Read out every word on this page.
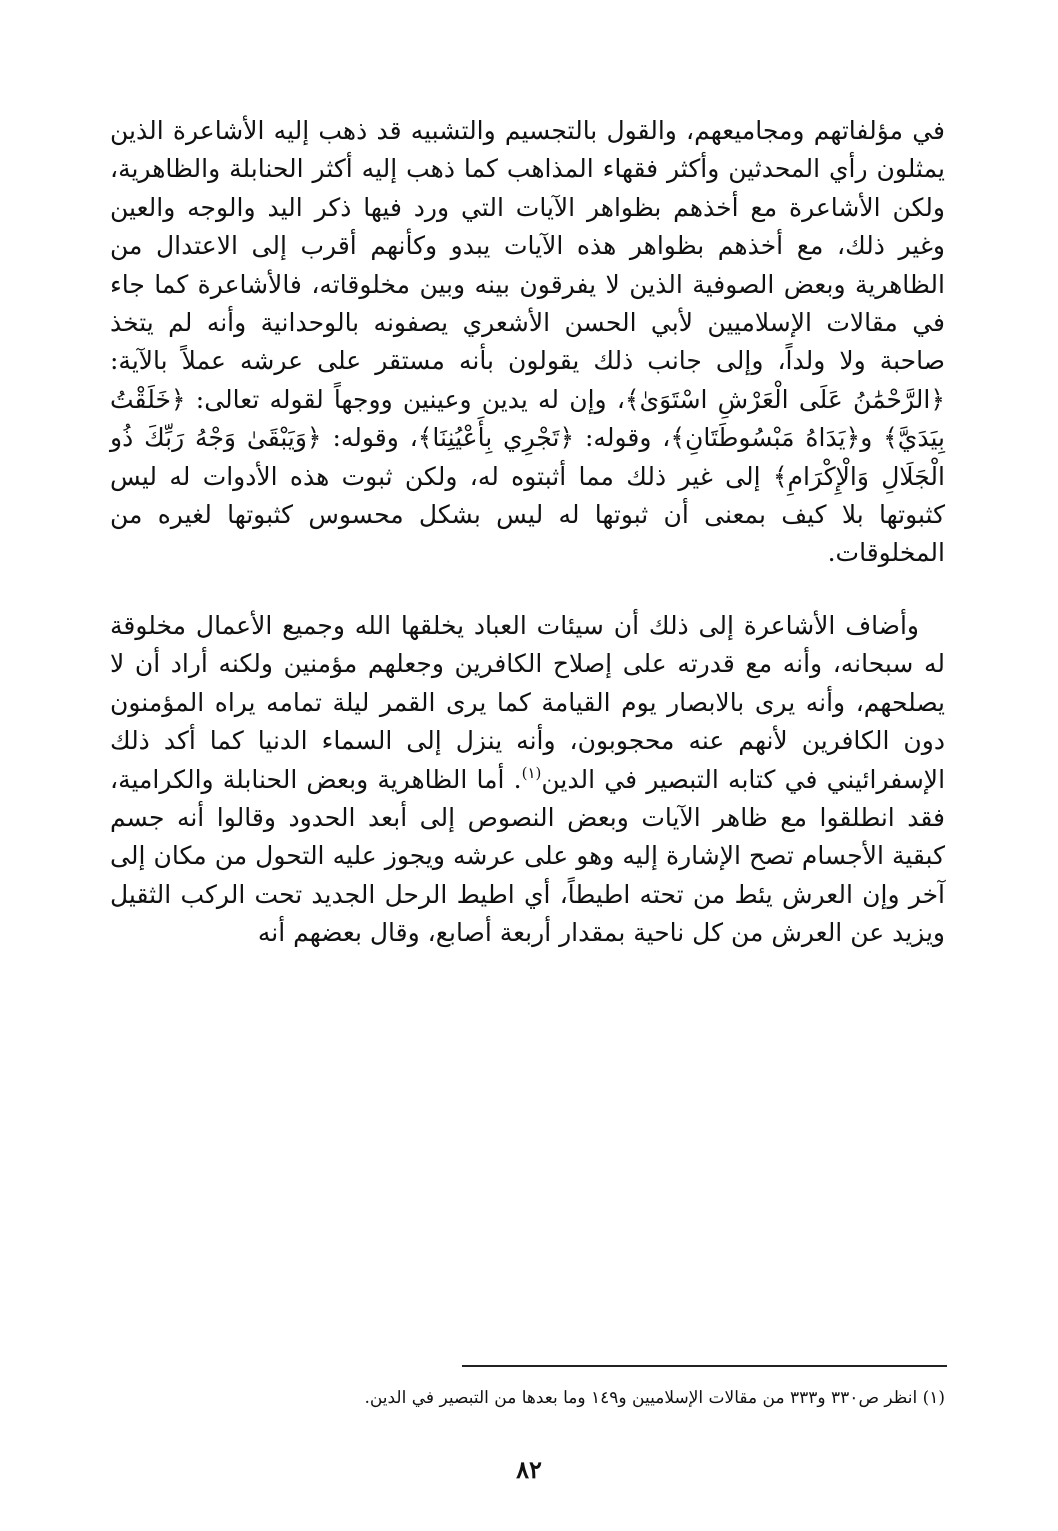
في مؤلفاتهم ومجاميعهم، والقول بالتجسيم والتشبيه قد ذهب إليه الأشاعرة الذين يمثلون رأي المحدثين وأكثر فقهاء المذاهب كما ذهب إليه أكثر الحنابلة والظاهرية، ولكن الأشاعرة مع أخذهم بظواهر الآيات التي ورد فيها ذكر اليد والوجه والعين وغير ذلك، مع أخذهم بظواهر هذه الآيات يبدو وكأنهم أقرب إلى الاعتدال من الظاهرية وبعض الصوفية الذين لا يفرقون بينه وبين مخلوقاته، فالأشاعرة كما جاء في مقالات الإسلاميين لأبي الحسن الأشعري يصفونه بالوحدانية وأنه لم يتخذ صاحبة ولا ولداً، وإلى جانب ذلك يقولون بأنه مستقر على عرشه عملاً بالآية: ﴿الرَّحْمَٰنُ عَلَى الْعَرْشِ اسْتَوَىٰ﴾، وإن له يدين وعينين ووجهاً لقوله تعالى: ﴿خَلَقْتُ بِيَدَيَّ﴾ و﴿يَدَاهُ مَبْسُوطَتَانِ﴾، وقوله: ﴿تَجْرِي بِأَعْيُنِنَا﴾، وقوله: ﴿وَيَبْقَىٰ وَجْهُ رَبِّكَ ذُو الْجَلَالِ وَالْإِكْرَامِ﴾ إلى غير ذلك مما أثبتوه له، ولكن ثبوت هذه الأدوات له ليس كثبوتها بلا كيف بمعنى أن ثبوتها له ليس بشكل محسوس كثبوتها لغيره من المخلوقات.

وأضاف الأشاعرة إلى ذلك أن سيئات العباد يخلقها الله وجميع الأعمال مخلوقة له سبحانه، وأنه مع قدرته على إصلاح الكافرين وجعلهم مؤمنين ولكنه أراد أن لا يصلحهم، وأنه يرى بالابصار يوم القيامة كما يرى القمر ليلة تمامه يراه المؤمنون دون الكافرين لأنهم عنه محجوبون، وأنه ينزل إلى السماء الدنيا كما أكد ذلك الإسفرائيني في كتابه التبصير في الدين$^{(١)}$. أما الظاهرية وبعض الحنابلة والكرامية، فقد انطلقوا مع ظاهر الآيات وبعض النصوص إلى أبعد الحدود وقالوا أنه جسم كبقية الأجسام تصح الإشارة إليه وهو على عرشه ويجوز عليه التحول من مكان إلى آخر وإن العرش يئط من تحته اطيطاً، أي اطيط الرحل الجديد تحت الركب الثقيل ويزيد عن العرش من كل ناحية بمقدار أربعة أصابع، وقال بعضهم أنه

(١) انظر ص٣٣٠ و٣٣٣ من مقالات الإسلاميين و١٤٩ وما بعدها من التبصير في الدين.

٨٢
